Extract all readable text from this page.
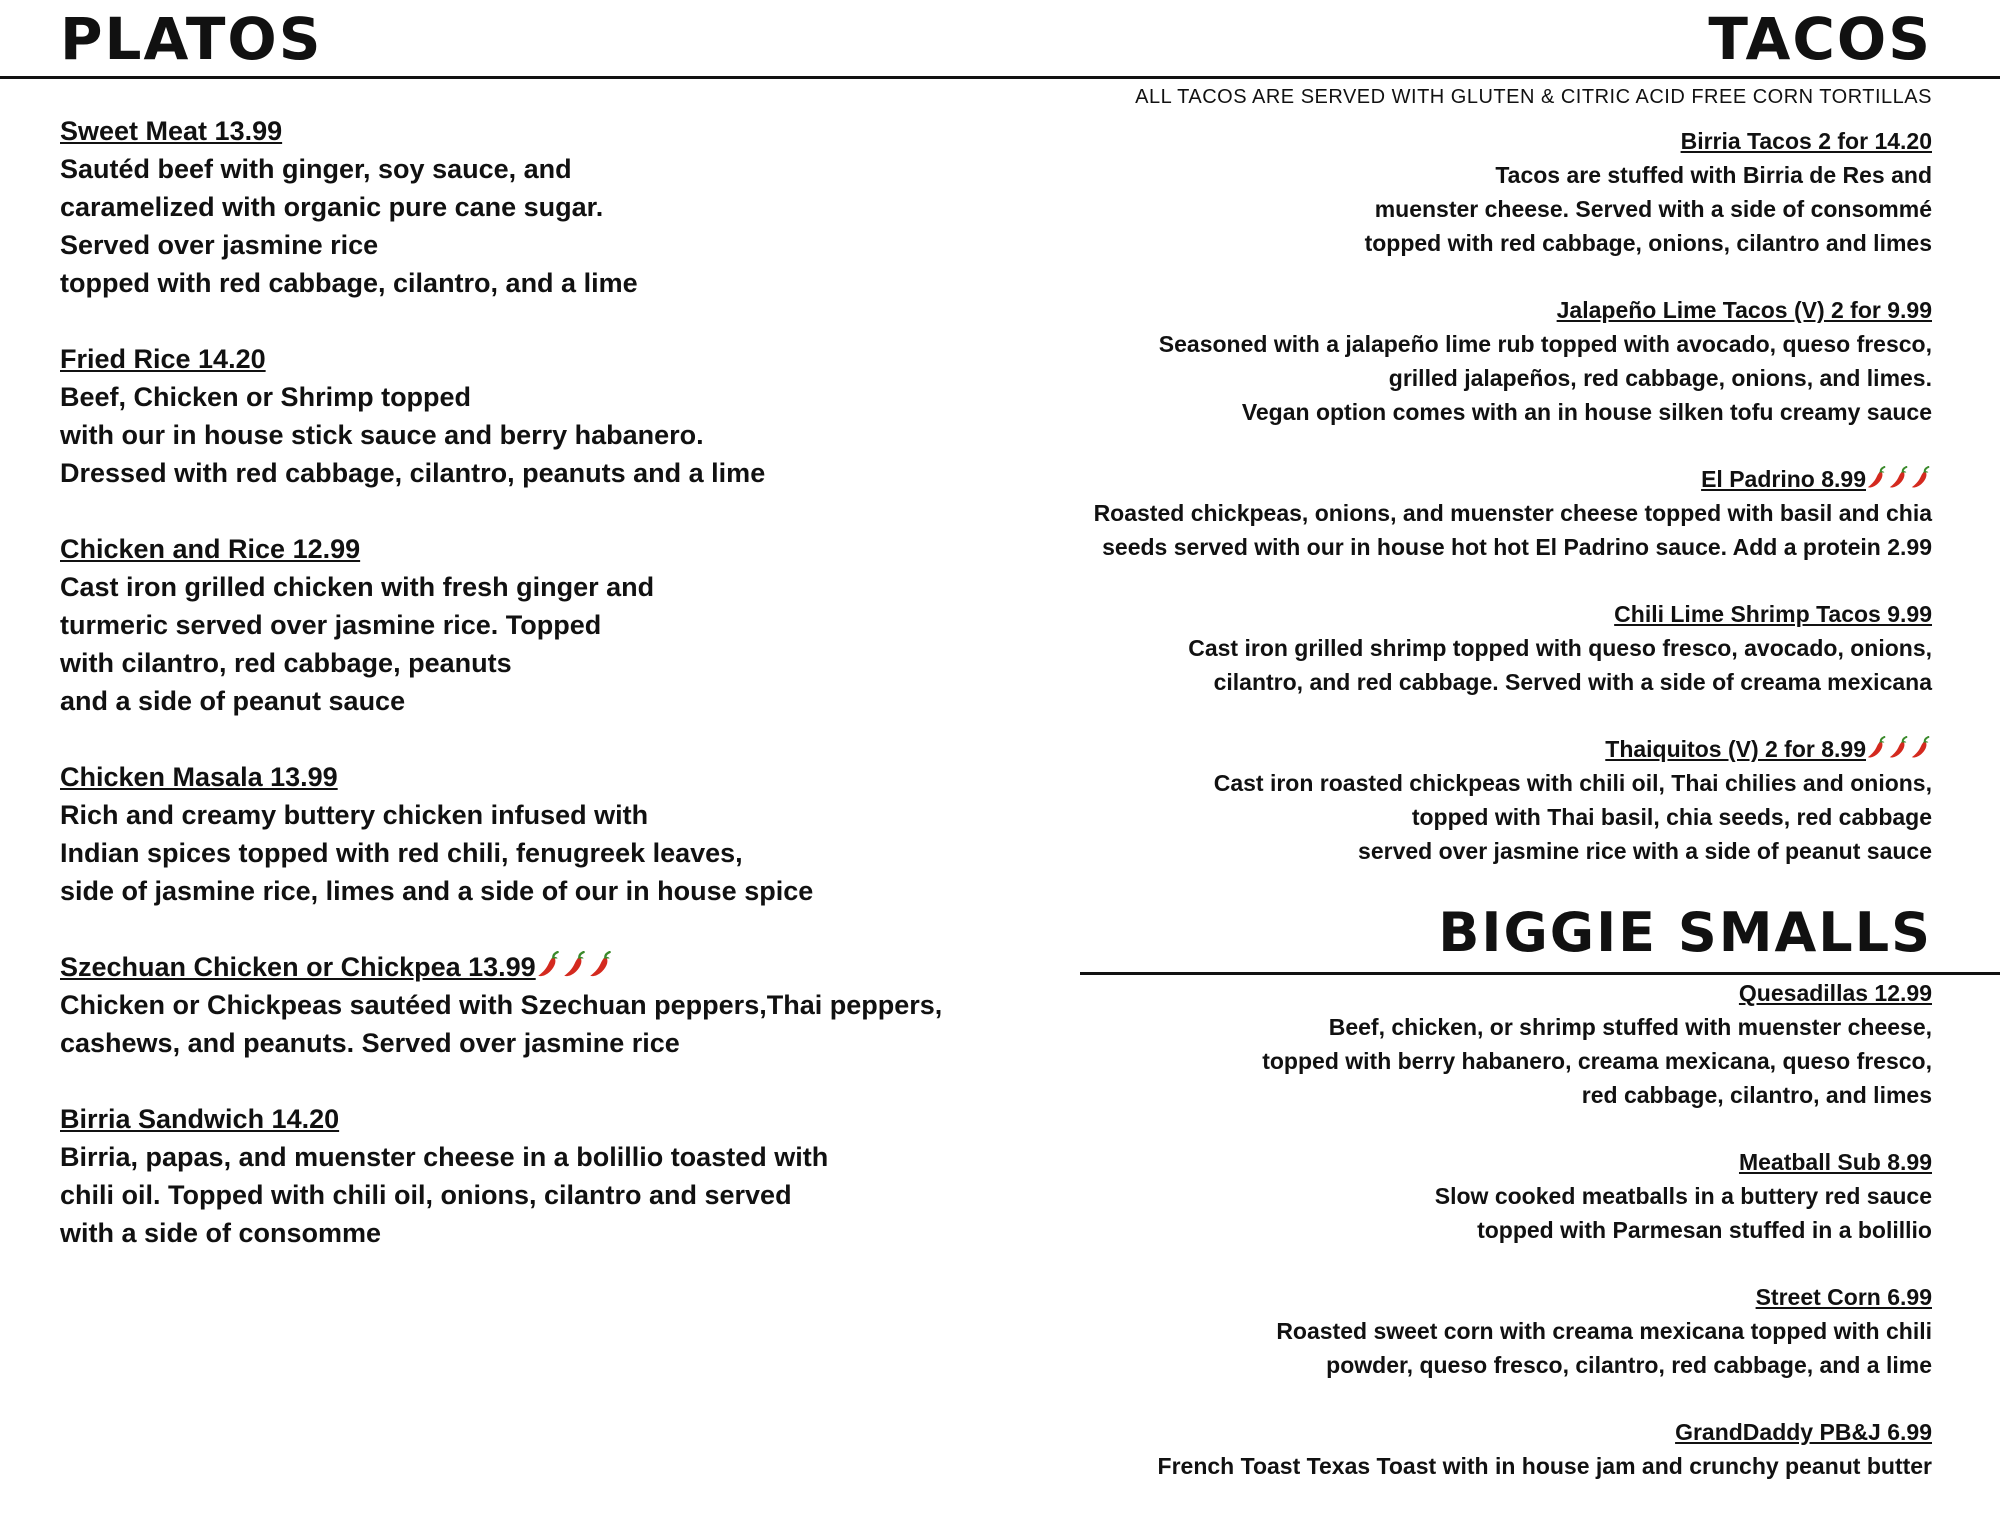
PLATOS	TACOS
ALL TACOS ARE SERVED WITH GLUTEN & CITRIC ACID FREE CORN TORTILLAS
Sweet Meat 13.99
Sautéd beef with ginger, soy sauce, and
caramelized with organic pure cane sugar.
Served over jasmine rice
topped with red cabbage, cilantro, and a lime
Fried Rice 14.20
Beef, Chicken or Shrimp topped
with our in house stick sauce and berry habanero.
Dressed with red cabbage, cilantro, peanuts and a lime
Chicken and Rice 12.99
Cast iron grilled chicken with fresh ginger and
turmeric served over jasmine rice. Topped
with cilantro, red cabbage, peanuts
and a side of peanut sauce
Chicken Masala 13.99
Rich and creamy buttery chicken infused with
Indian spices topped with red chili, fenugreek leaves,
side of jasmine rice, limes and a side of our in house spice
Szechuan Chicken or Chickpea 13.99
Chicken or Chickpeas sautéed with Szechuan peppers,Thai peppers,
cashews, and peanuts. Served over jasmine rice
Birria Sandwich 14.20
Birria, papas, and muenster cheese in a bolillio toasted with
chili oil. Topped with chili oil, onions, cilantro and served
with a side of consomme
Birria Tacos 2 for 14.20
Tacos are stuffed with Birria de Res and
muenster cheese. Served with a side of consommé
topped with red cabbage, onions, cilantro and limes
Jalapeño Lime Tacos (V) 2 for 9.99
Seasoned with a jalapeño lime rub topped with avocado, queso fresco,
grilled jalapeños, red cabbage, onions, and limes.
Vegan option comes with an in house silken tofu creamy sauce
El Padrino 8.99
Roasted chickpeas, onions, and muenster cheese topped with basil and chia
seeds served with our in house hot hot El Padrino sauce. Add a protein 2.99
Chili Lime Shrimp Tacos 9.99
Cast iron grilled shrimp topped with queso fresco, avocado, onions,
cilantro, and red cabbage. Served with a side of creama mexicana
Thaiquitos (V) 2 for 8.99
Cast iron roasted chickpeas with chili oil, Thai chilies and onions,
topped with Thai basil, chia seeds, red cabbage
served over jasmine rice with a side of peanut sauce
BIGGIE SMALLS
Quesadillas 12.99
Beef, chicken, or shrimp stuffed with muenster cheese,
topped with berry habanero, creama mexicana, queso fresco,
red cabbage, cilantro, and limes
Meatball Sub 8.99
Slow cooked meatballs in a buttery red sauce
topped with Parmesan stuffed in a bolillio
Street Corn 6.99
Roasted sweet corn with creama mexicana topped with chili
powder, queso fresco, cilantro, red cabbage, and a lime
GrandDaddy PB&J 6.99
French Toast Texas Toast with in house jam and crunchy peanut butter
